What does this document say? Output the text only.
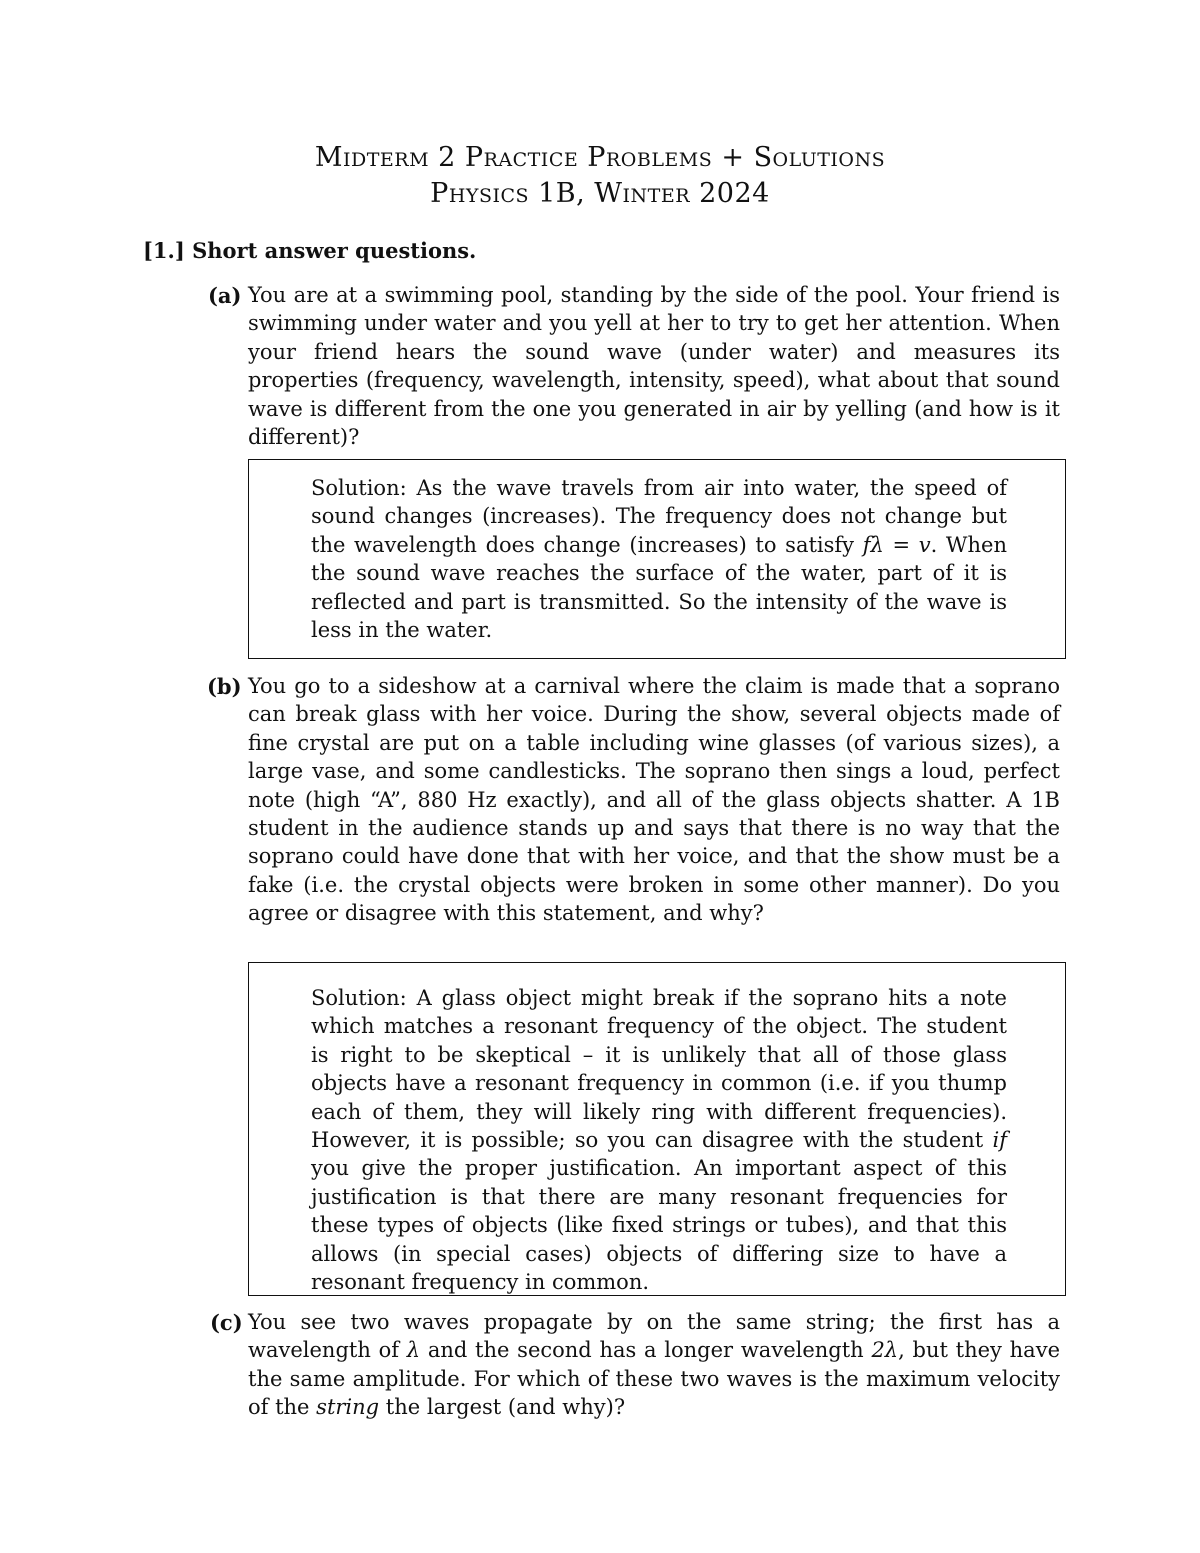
Midterm 2 Practice Problems + Solutions
Physics 1B, Winter 2024
[1.] Short answer questions.
(a) You are at a swimming pool, standing by the side of the pool. Your friend is swimming under water and you yell at her to try to get her attention. When your friend hears the sound wave (under water) and measures its properties (frequency, wavelength, intensity, speed), what about that sound wave is different from the one you generated in air by yelling (and how is it different)?
Solution: As the wave travels from air into water, the speed of sound changes (increases). The frequency does not change but the wavelength does change (increases) to satisfy fλ = v. When the sound wave reaches the surface of the water, part of it is reflected and part is transmitted. So the intensity of the wave is less in the water.
(b) You go to a sideshow at a carnival where the claim is made that a soprano can break glass with her voice. During the show, several objects made of fine crystal are put on a table including wine glasses (of various sizes), a large vase, and some candlesticks. The soprano then sings a loud, perfect note (high “A”, 880 Hz exactly), and all of the glass objects shatter. A 1B student in the audience stands up and says that there is no way that the soprano could have done that with her voice, and that the show must be a fake (i.e. the crystal objects were broken in some other manner). Do you agree or disagree with this statement, and why?
Solution: A glass object might break if the soprano hits a note which matches a resonant frequency of the object. The student is right to be skeptical – it is unlikely that all of those glass objects have a resonant frequency in common (i.e. if you thump each of them, they will likely ring with different frequencies). However, it is possible; so you can disagree with the student if you give the proper justification. An important aspect of this justification is that there are many resonant frequencies for these types of objects (like fixed strings or tubes), and that this allows (in special cases) objects of differing size to have a resonant frequency in common.
(c) You see two waves propagate by on the same string; the first has a wavelength of λ and the second has a longer wavelength 2λ, but they have the same amplitude. For which of these two waves is the maximum velocity of the string the largest (and why)?
